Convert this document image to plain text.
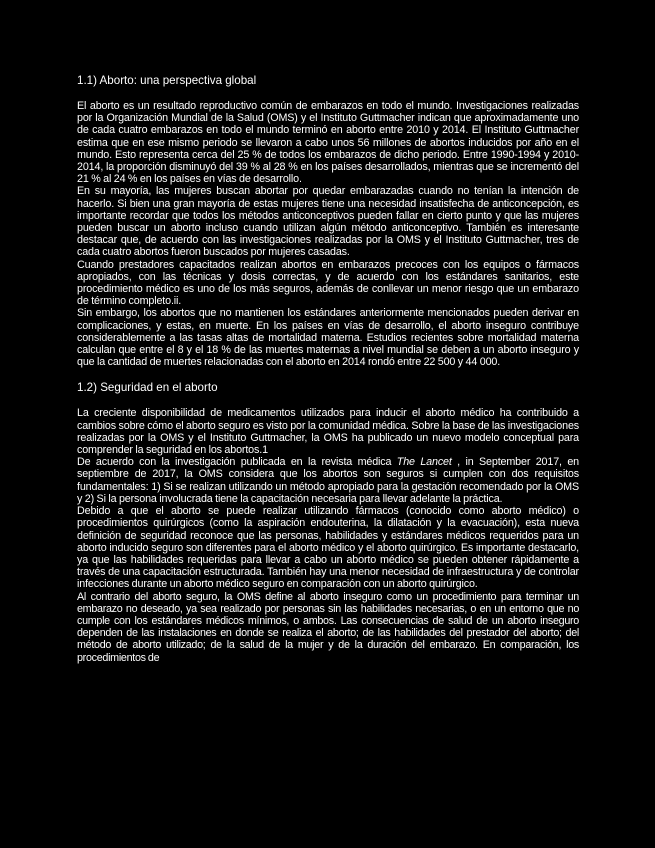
1.1) Aborto: una perspectiva global

El aborto es un resultado reproductivo común de embarazos en todo el mundo. Investigaciones realizadas por la Organización Mundial de la Salud (OMS) y el Instituto Guttmacher indican que aproximadamente uno de cada cuatro embarazos en todo el mundo terminó en aborto entre 2010 y 2014. El Instituto Guttmacher estima que en ese mismo periodo se llevaron a cabo unos 56 millones de abortos inducidos por año en el mundo. Esto representa cerca del 25 % de todos los embarazos de dicho periodo. Entre 1990-1994 y 2010-2014, la proporción disminuyó del 39 % al 28 % en los países desarrollados, mientras que se incrementó del 21 % al 24 % en los países en vías de desarrollo.

En su mayoría, las mujeres buscan abortar por quedar embarazadas cuando no tenían la intención de hacerlo. Si bien una gran mayoría de estas mujeres tiene una necesidad insatisfecha de anticoncepción, es importante recordar que todos los métodos anticonceptivos pueden fallar en cierto punto y que las mujeres pueden buscar un aborto incluso cuando utilizan algún método anticonceptivo. También es interesante destacar que, de acuerdo con las investigaciones realizadas por la OMS y el Instituto Guttmacher, tres de cada cuatro abortos fueron buscados por mujeres casadas.

Cuando prestadores capacitados realizan abortos en embarazos precoces con los equipos o fármacos apropiados, con las técnicas y dosis correctas, y de acuerdo con los estándares sanitarios, este procedimiento médico es uno de los más seguros, además de conllevar un menor riesgo que un embarazo de término completo.ii.

Sin embargo, los abortos que no mantienen los estándares anteriormente mencionados pueden derivar en complicaciones, y estas, en muerte. En los países en vías de desarrollo, el aborto inseguro contribuye considerablemente a las tasas altas de mortalidad materna. Estudios recientes sobre mortalidad materna calculan que entre el 8 y el 18 % de las muertes maternas a nivel mundial se deben a un aborto inseguro y que la cantidad de muertes relacionadas con el aborto en 2014 rondó entre 22 500 y 44 000.

1.2) Seguridad en el aborto

La creciente disponibilidad de medicamentos utilizados para inducir el aborto médico ha contribuido a cambios sobre cómo el aborto seguro es visto por la comunidad médica. Sobre la base de las investigaciones realizadas por la OMS y el Instituto Guttmacher, la OMS ha publicado un nuevo modelo conceptual para comprender la seguridad en los abortos.1

De acuerdo con la investigación publicada en la revista médica The Lancet , in September 2017, en septiembre de 2017, la OMS considera que los abortos son seguros si cumplen con dos requisitos fundamentales: 1) Si se realizan utilizando un método apropiado para la gestación recomendado por la OMS y 2) Si la persona involucrada tiene la capacitación necesaria para llevar adelante la práctica.

Debido a que el aborto se puede realizar utilizando fármacos (conocido como aborto médico) o procedimientos quirúrgicos (como la aspiración endouterina, la dilatación y la evacuación), esta nueva definición de seguridad reconoce que las personas, habilidades y estándares médicos requeridos para un aborto inducido seguro son diferentes para el aborto médico y el aborto quirúrgico. Es importante destacarlo, ya que las habilidades requeridas para llevar a cabo un aborto médico se pueden obtener rápidamente a través de una capacitación estructurada. También hay una menor necesidad de infraestructura y de controlar infecciones durante un aborto médico seguro en comparación con un aborto quirúrgico.

Al contrario del aborto seguro, la OMS define al aborto inseguro como un procedimiento para terminar un embarazo no deseado, ya sea realizado por personas sin las habilidades necesarias, o en un entorno que no cumple con los estándares médicos mínimos, o ambos. Las consecuencias de salud de un aborto inseguro dependen de las instalaciones en donde se realiza el aborto; de las habilidades del prestador del aborto; del método de aborto utilizado; de la salud de la mujer y de la duración del embarazo. En comparación, los procedimientos de
